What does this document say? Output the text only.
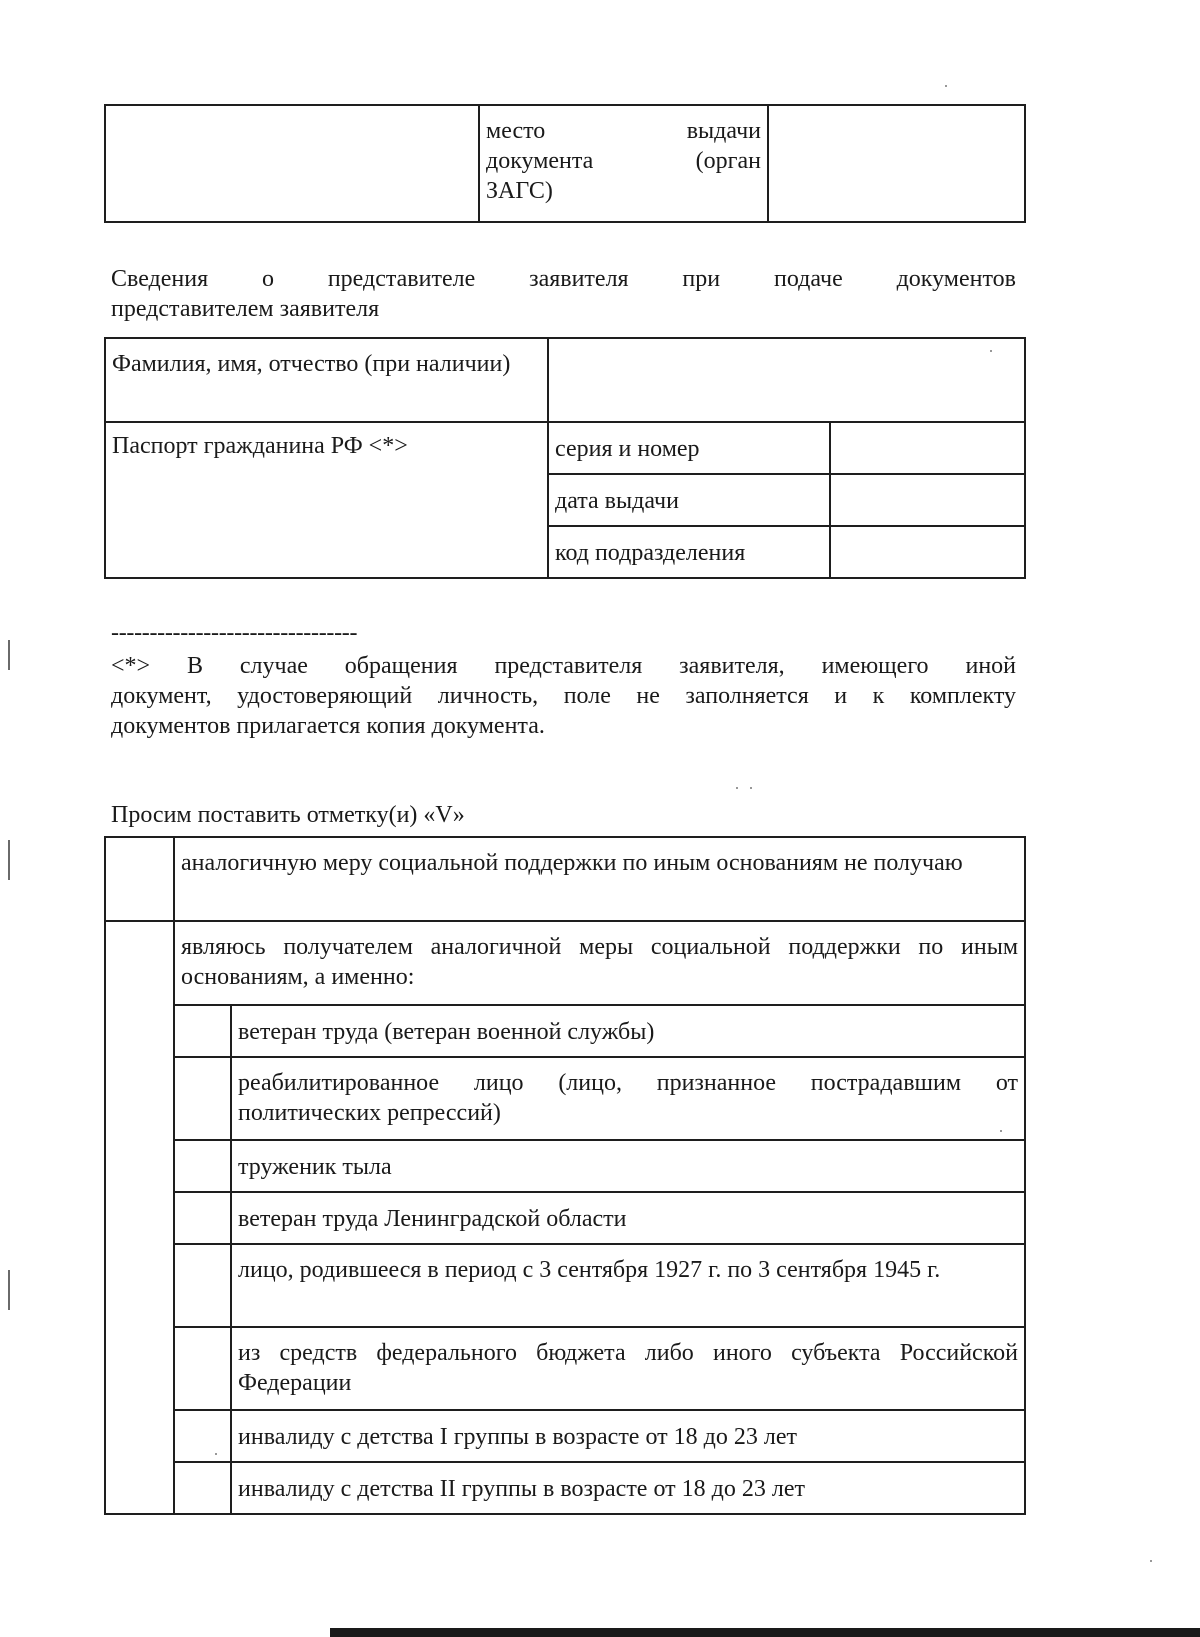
место выдачи
документа (орган
ЗАГС)

Сведения о представителе заявителя при подаче документов
представителем заявителя
Фамилия, имя, отчество (при наличии)		
Паспорт гражданина РФ <*>	серия и номер	
	дата выдачи	
	код подразделения	
--------------------------------
<*> В случае обращения представителя заявителя, имеющего иной
документ, удостоверяющий личность, поле не заполняется и к комплекту
документов прилагается копия документа.
Просим поставить отметку(и) «V»
	аналогичную меру социальной поддержки по иным основаниям не получаю	
	являюсь получателем аналогичной меры социальной поддержки по иным основаниям, а именно:	
		ветеран труда (ветеран военной службы)
		реабилитированное лицо (лицо, признанное пострадавшим от политических репрессий)
		труженик тыла
		ветеран труда Ленинградской области
		лицо, родившееся в период с 3 сентября 1927 г. по 3 сентября 1945 г.
		из средств федерального бюджета либо иного субъекта Российской Федерации
		инвалиду с детства I группы в возрасте от 18 до 23 лет
		инвалиду с детства II группы в возрасте от 18 до 23 лет
